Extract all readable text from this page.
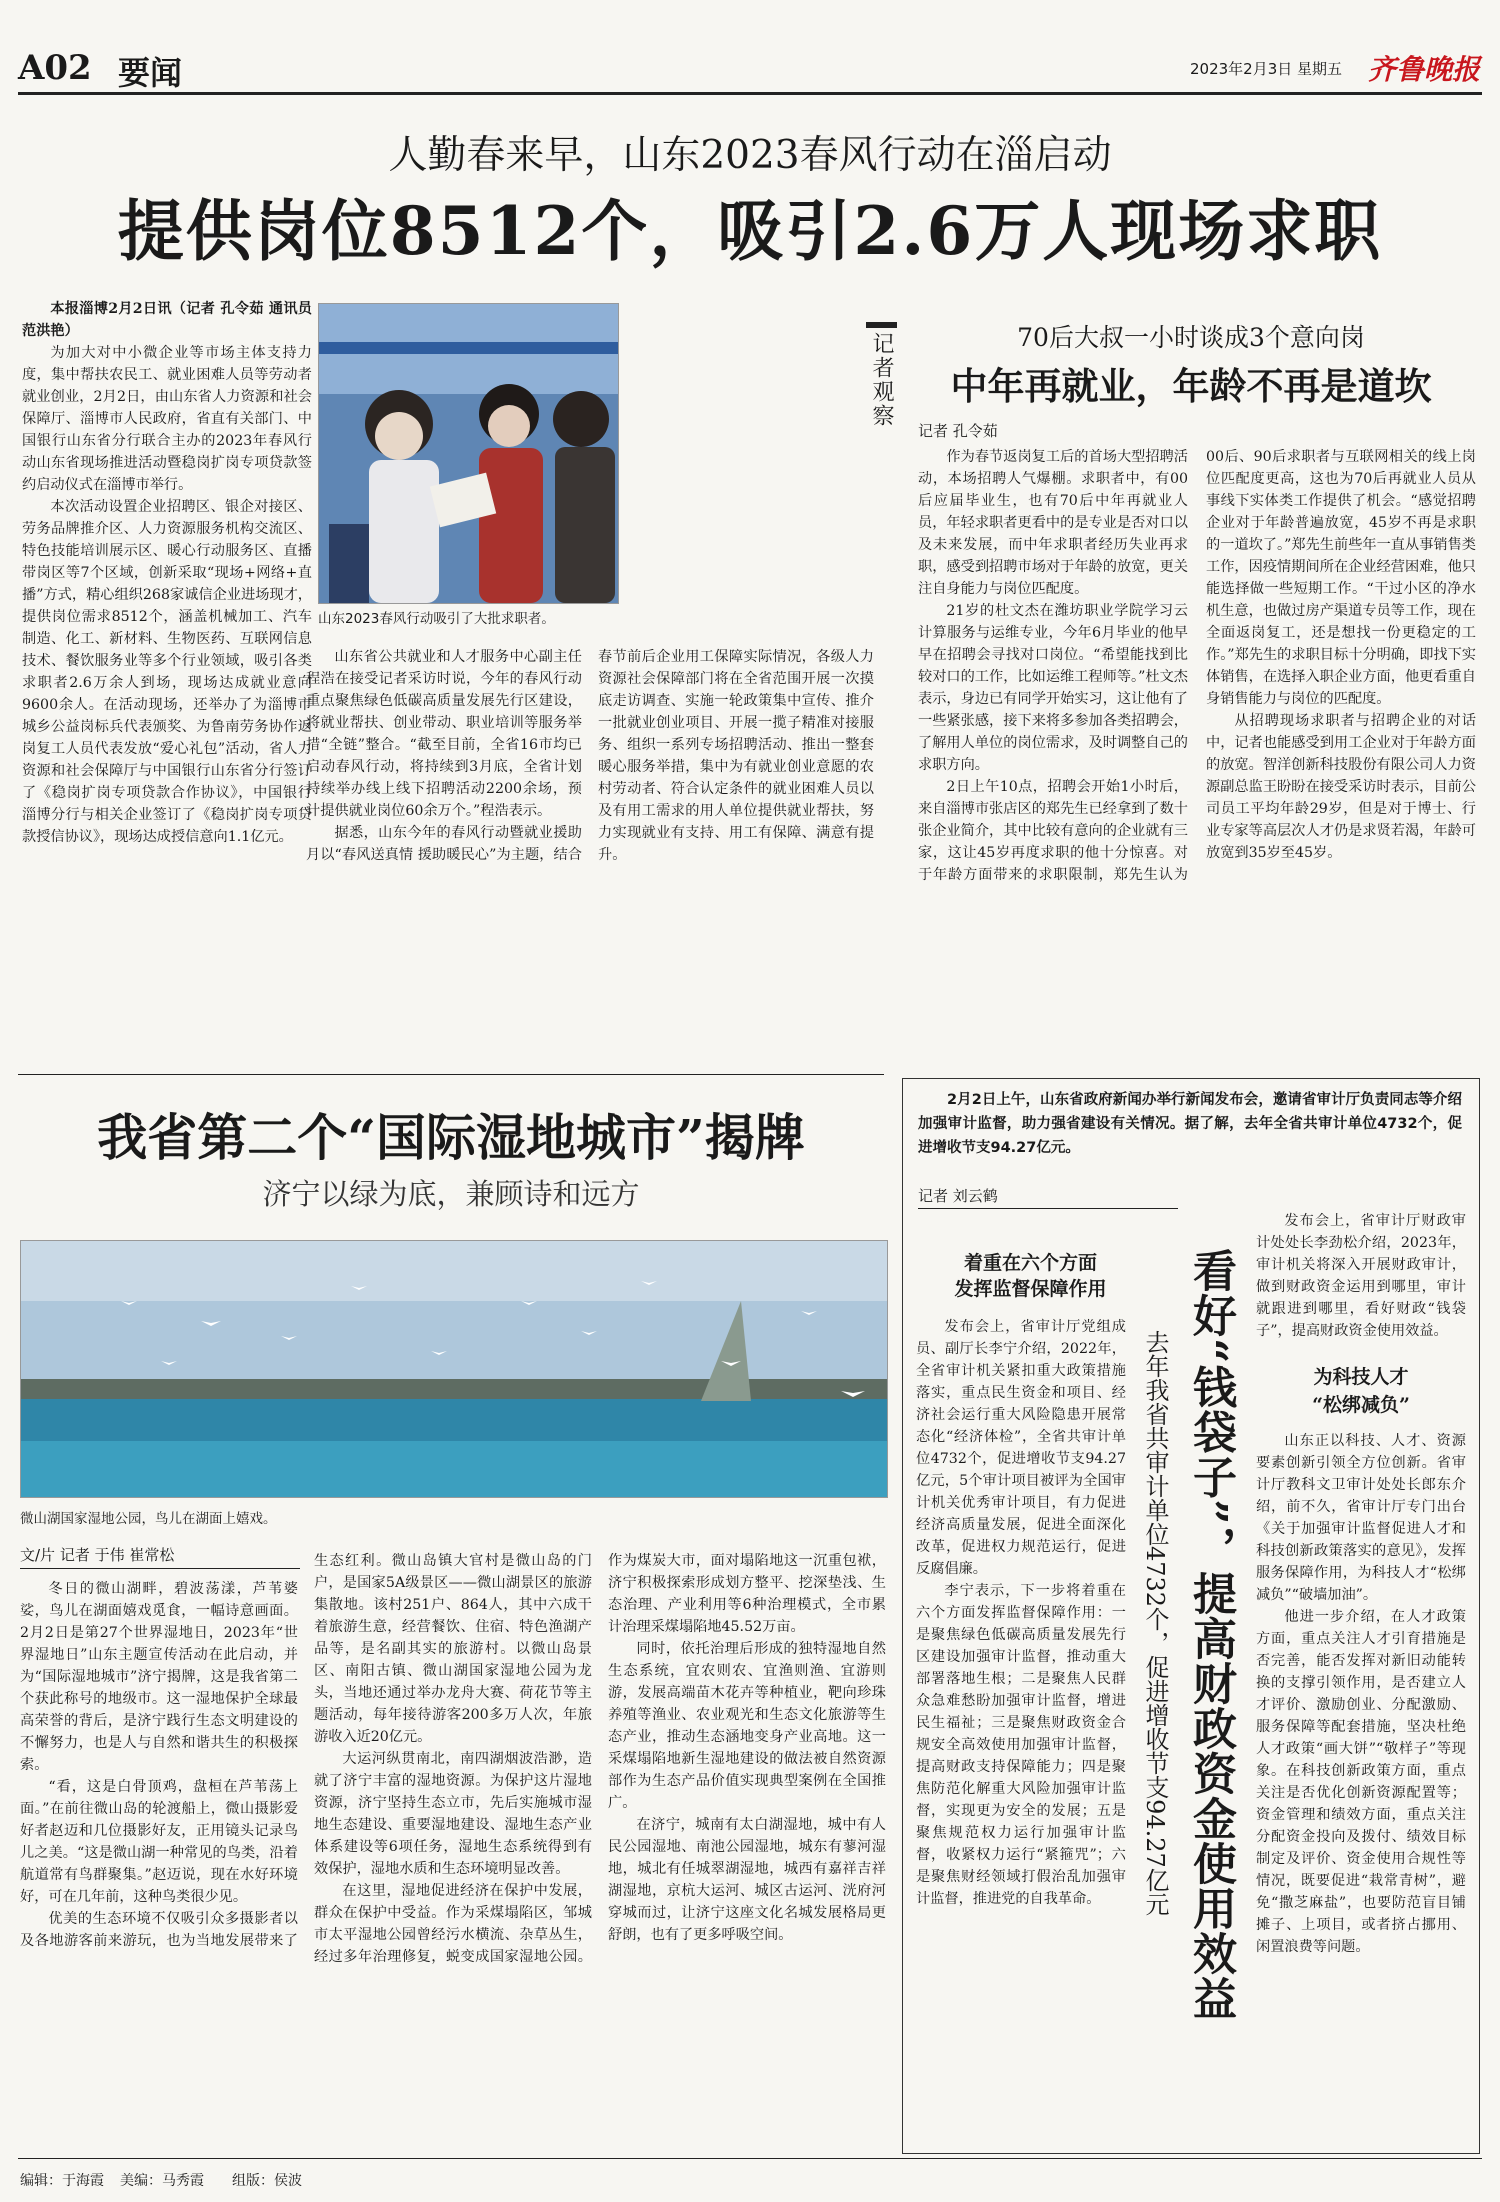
A02 要闻	2023年2月3日 星期五 齐鲁晚报
人勤春来早，山东2023春风行动在淄启动
提供岗位8512个，吸引2.6万人现场求职
山东2023春风行动吸引了大批求职者。

本报淄博2月2日讯（记者 孔令茹 通讯员 范洪艳）

为加大对中小微企业等市场主体支持力度，集中帮扶农民工、就业困难人员等劳动者就业创业，2月2日，由山东省人力资源和社会保障厅、淄博市人民政府，省直有关部门、中国银行山东省分行联合主办的2023年春风行动山东省现场推进活动暨稳岗扩岗专项贷款签约启动仪式在淄博市举行。

本次活动设置企业招聘区、银企对接区、劳务品牌推介区、人力资源服务机构交流区、特色技能培训展示区、暖心行动服务区、直播带岗区等7个区域，创新采取“现场+网络+直播”方式，精心组织268家诚信企业进场现才，提供岗位需求8512个，涵盖机械加工、汽车制造、化工、新材料、生物医药、互联网信息技术、餐饮服务业等多个行业领域，吸引各类求职者2.6万余人到场，现场达成就业意向9600余人。在活动现场，还举办了为淄博市城乡公益岗标兵代表颁奖、为鲁南劳务协作返岗复工人员代表发放“爱心礼包”活动，省人力资源和社会保障厅与中国银行山东省分行签订了《稳岗扩岗专项贷款合作协议》，中国银行淄博分行与相关企业签订了《稳岗扩岗专项贷款授信协议》，现场达成授信意向1.1亿元。

山东省公共就业和人才服务中心副主任程浩在接受记者采访时说，今年的春风行动重点聚焦绿色低碳高质量发展先行区建设，将就业帮扶、创业带动、职业培训等服务举措“全链”整合。“截至目前，全省16市均已启动春风行动，将持续到3月底，全省计划持续举办线上线下招聘活动2200余场，预计提供就业岗位60余万个。”程浩表示。

据悉，山东今年的春风行动暨就业援助月以“春风送真情 援助暖民心”为主题，结合春节前后企业用工保障实际情况，各级人力资源社会保障部门将在全省范围开展一次摸底走访调查、实施一轮政策集中宣传、推介一批就业创业项目、开展一揽子精准对接服务、组织一系列专场招聘活动、推出一整套暖心服务举措，集中为有就业创业意愿的农村劳动者、符合认定条件的就业困难人员以及有用工需求的用人单位提供就业帮扶，努力实现就业有支持、用工有保障、满意有提升。

记者观察	70后大叔一小时谈成3个意向岗
中年再就业，年龄不再是道坎
记者 孔令茹

作为春节返岗复工后的首场大型招聘活动，本场招聘人气爆棚。求职者中，有00后应届毕业生，也有70后中年再就业人员，年轻求职者更看中的是专业是否对口以及未来发展，而中年求职者经历失业再求职，感受到招聘市场对于年龄的放宽，更关注自身能力与岗位匹配度。

21岁的杜文杰在潍坊职业学院学习云计算服务与运维专业，今年6月毕业的他早早在招聘会寻找对口岗位。“希望能找到比较对口的工作，比如运维工程师等。”杜文杰表示，身边已有同学开始实习，这让他有了一些紧张感，接下来将多参加各类招聘会，了解用人单位的岗位需求，及时调整自己的求职方向。

2日上午10点，招聘会开始1小时后，来自淄博市张店区的郑先生已经拿到了数十张企业简介，其中比较有意向的企业就有三家，这让45岁再度求职的他十分惊喜。对于年龄方面带来的求职限制，郑先生认为00后、90后求职者与互联网相关的线上岗位匹配度更高，这也为70后再就业人员从事线下实体类工作提供了机会。“感觉招聘企业对于年龄普遍放宽，45岁不再是求职的一道坎了。”郑先生前些年一直从事销售类工作，因疫情期间所在企业经营困难，他只能选择做一些短期工作。“干过小区的净水机生意，也做过房产渠道专员等工作，现在全面返岗复工，还是想找一份更稳定的工作。”郑先生的求职目标十分明确，即找下实体销售，在选择入职企业方面，他更看重自身销售能力与岗位的匹配度。

从招聘现场求职者与招聘企业的对话中，记者也能感受到用工企业对于年龄方面的放宽。智洋创新科技股份有限公司人力资源副总监王盼盼在接受采访时表示，目前公司员工平均年龄29岁，但是对于博士、行业专家等高层次人才仍是求贤若渴，年龄可放宽到35岁至45岁。

我省第二个“国际湿地城市”揭牌
济宁以绿为底，兼顾诗和远方
微山湖国家湿地公园，鸟儿在湖面上嬉戏。
文/片 记者 于伟 崔常松

冬日的微山湖畔，碧波荡漾，芦苇婆娑，鸟儿在湖面嬉戏觅食，一幅诗意画面。2月2日是第27个世界湿地日，2023年“世界湿地日”山东主题宣传活动在此启动，并为“国际湿地城市”济宁揭牌，这是我省第二个获此称号的地级市。这一湿地保护全球最高荣誉的背后，是济宁践行生态文明建设的不懈努力，也是人与自然和谐共生的积极探索。

“看，这是白骨顶鸡，盘桓在芦苇荡上面。”在前往微山岛的轮渡船上，微山摄影爱好者赵迈和几位摄影好友，正用镜头记录鸟儿之美。“这是微山湖一种常见的鸟类，沿着航道常有鸟群聚集。”赵迈说，现在水好环境好，可在几年前，这种鸟类很少见。

优美的生态环境不仅吸引众多摄影者以及各地游客前来游玩，也为当地发展带来了生态红利。微山岛镇大官村是微山岛的门户，是国家5A级景区——微山湖景区的旅游集散地。该村251户、864人，其中六成干着旅游生意，经营餐饮、住宿、特色渔湖产品等，是名副其实的旅游村。以微山岛景区、南阳古镇、微山湖国家湿地公园为龙头，当地还通过举办龙舟大赛、荷花节等主题活动，每年接待游客200多万人次，年旅游收入近20亿元。

大运河纵贯南北，南四湖烟波浩渺，造就了济宁丰富的湿地资源。为保护这片湿地资源，济宁坚持生态立市，先后实施城市湿地生态建设、重要湿地建设、湿地生态产业体系建设等6项任务，湿地生态系统得到有效保护，湿地水质和生态环境明显改善。

在这里，湿地促进经济在保护中发展，群众在保护中受益。作为采煤塌陷区，邹城市太平湿地公园曾经污水横流、杂草丛生，经过多年治理修复，蜕变成国家湿地公园。作为煤炭大市，面对塌陷地这一沉重包袱，济宁积极探索形成划方整平、挖深垫浅、生态治理、产业利用等6种治理模式，全市累计治理采煤塌陷地45.52万亩。

同时，依托治理后形成的独特湿地自然生态系统，宜农则农、宜渔则渔、宜游则游，发展高端苗木花卉等种植业，靶向珍珠养殖等渔业、农业观光和生态文化旅游等生态产业，推动生态涵地变身产业高地。这一采煤塌陷地新生湿地建设的做法被自然资源部作为生态产品价值实现典型案例在全国推广。

在济宁，城南有太白湖湿地，城中有人民公园湿地、南池公园湿地，城东有蓼河湿地，城北有任城翠湖湿地，城西有嘉祥吉祥湖湿地，京杭大运河、城区古运河、洸府河穿城而过，让济宁这座文化名城发展格局更舒朗，也有了更多呼吸空间。

2月2日上午，山东省政府新闻办举行新闻发布会，邀请省审计厅负责同志等介绍加强审计监督，助力强省建设有关情况。据了解，去年全省共审计单位4732个，促进增收节支94.27亿元。
记者 刘云鹤
着重在六个方面
发挥监督保障作用

发布会上，省审计厅党组成员、副厅长李宁介绍，2022年，全省审计机关紧扣重大政策措施落实，重点民生资金和项目、经济社会运行重大风险隐患开展常态化“经济体检”，全省共审计单位4732个，促进增收节支94.27亿元，5个审计项目被评为全国审计机关优秀审计项目，有力促进经济高质量发展，促进全面深化改革，促进权力规范运行，促进反腐倡廉。

李宁表示，下一步将着重在六个方面发挥监督保障作用：一是聚焦绿色低碳高质量发展先行区建设加强审计监督，推动重大部署落地生根；二是聚焦人民群众急难愁盼加强审计监督，增进民生福祉；三是聚焦财政资金合规安全高效使用加强审计监督，提高财政支持保障能力；四是聚焦防范化解重大风险加强审计监督，实现更为安全的发展；五是聚焦规范权力运行加强审计监督，收紧权力运行“紧箍咒”；六是聚焦财经领域打假治乱加强审计监督，推进党的自我革命。	看好“钱袋子”，提高财政资金使用效益
去年我省共审计单位4732个，促进增收节支94.27亿元

发布会上，省审计厅财政审计处处长李劲松介绍，2023年，审计机关将深入开展财政审计，做到财政资金运用到哪里，审计就跟进到哪里，看好财政“钱袋子”，提高财政资金使用效益。

为科技人才
“松绑减负”

山东正以科技、人才、资源要素创新引领全方位创新。省审计厅教科文卫审计处处长郎东介绍，前不久，省审计厅专门出台《关于加强审计监督促进人才和科技创新政策落实的意见》，发挥服务保障作用，为科技人才“松绑减负”“破墙加油”。

他进一步介绍，在人才政策方面，重点关注人才引育措施是否完善，能否发挥对新旧动能转换的支撑引领作用，是否建立人才评价、激励创业、分配激励、服务保障等配套措施，坚决杜绝人才政策“画大饼”“敬样子”等现象。在科技创新政策方面，重点关注是否优化创新资源配置等；资金管理和绩效方面，重点关注分配资金投向及拨付、绩效目标制定及评价、资金使用合规性等情况，既要促进“栽常青树”，避免“撒芝麻盐”，也要防范盲目铺摊子、上项目，或者挤占挪用、闲置浪费等问题。

编辑：于海霞 美编：马秀霞 组版：侯波
